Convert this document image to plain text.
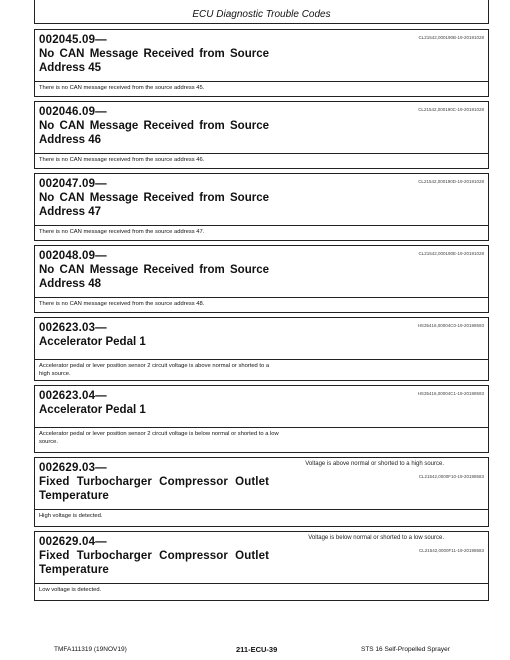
ECU Diagnostic Trouble Codes
CL21542,000190B-19-20191028
002045.09—
No CAN Message Received from Source Address 45
There is no CAN message received from the source address 45.
CL21542,000190C-19-20191028
002046.09—
No CAN Message Received from Source Address 46
There is no CAN message received from the source address 46.
CL21542,000190D-19-20191028
002047.09—
No CAN Message Received from Source Address 47
There is no CAN message received from the source address 47.
CL21542,000190E-19-20191028
002048.09—
No CAN Message Received from Source Address 48
There is no CAN message received from the source address 48.
HS35416,00004C0-19-20198593
002623.03—
Accelerator Pedal 1
Accelerator pedal or lever position sensor 2 circuit voltage is above normal or shorted to a high source.
HS35416,00004C1-19-20198593
002623.04—
Accelerator Pedal 1
Accelerator pedal or lever position sensor 2 circuit voltage is below normal or shorted to a low source.
Voltage is above normal or shorted to a high source.
CL21542,0000F10-19-20198583
002629.03—
Fixed Turbocharger Compressor Outlet Temperature
High voltage is detected.
Voltage is below normal or shorted to a low source.
CL21542,0000F11-19-20198583
002629.04—
Fixed Turbocharger Compressor Outlet Temperature
Low voltage is detected.
TMFA111319 (19NOV19)	211-ECU-39	STS 16 Self-Propelled Sprayer
